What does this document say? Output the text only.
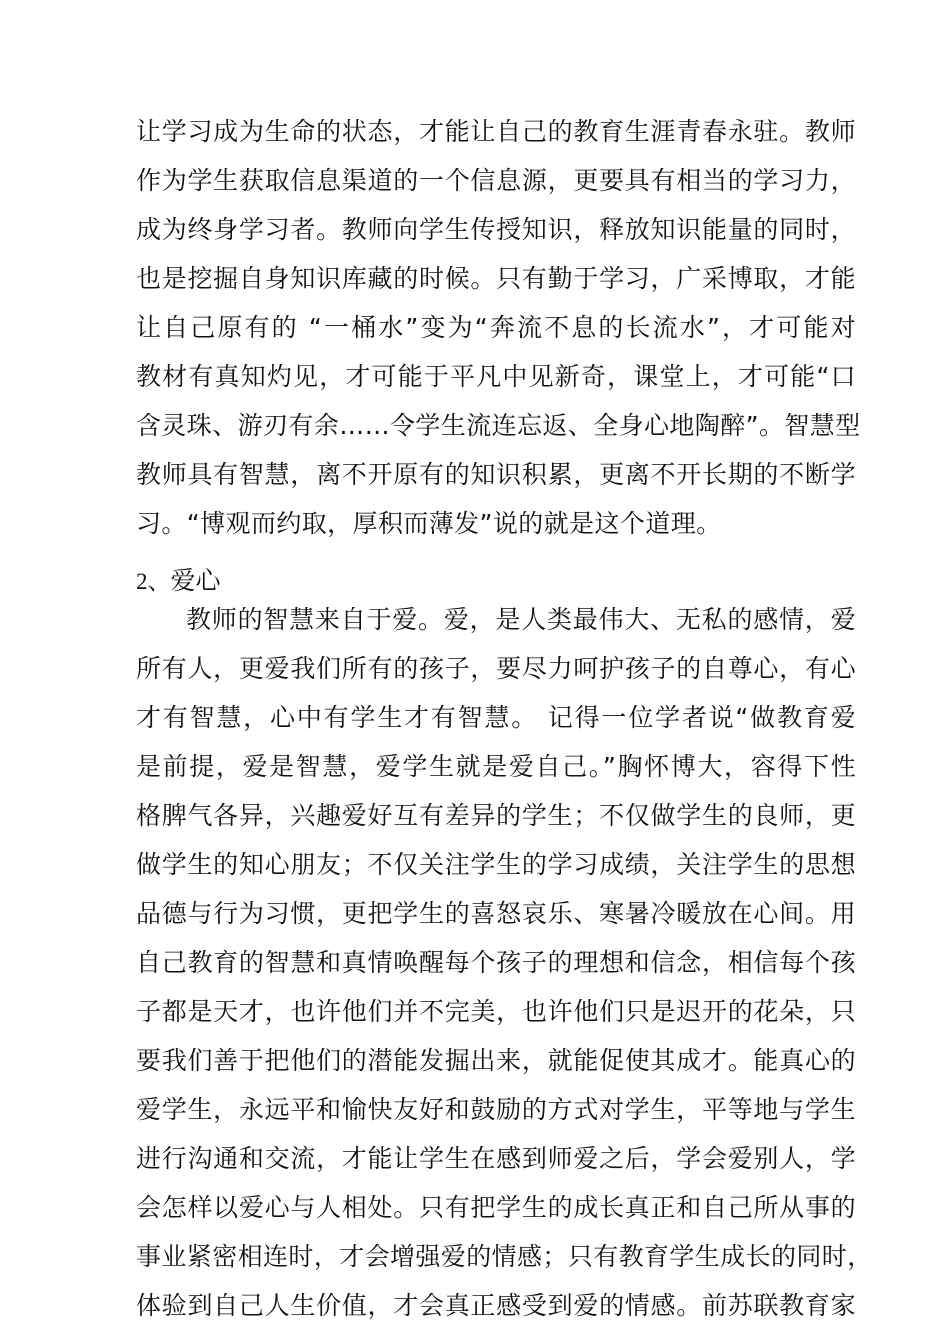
让学习成为生命的状态，才能让自己的教育生涯青春永驻。教师
作为学生获取信息渠道的一个信息源，更要具有相当的学习力，
成为终身学习者。教师向学生传授知识，释放知识能量的同时，
也是挖掘自身知识库藏的时候。只有勤于学习，广采博取，才能
让自己原有的 “一桶水”变为“奔流不息的长流水”，才可能对
教材有真知灼见，才可能于平凡中见新奇，课堂上，才可能“口
含灵珠、游刃有余……令学生流连忘返、全身心地陶醉”。智慧型
教师具有智慧，离不开原有的知识积累，更离不开长期的不断学
习。“博观而约取，厚积而薄发”说的就是这个道理。
2、爱心
教师的智慧来自于爱。爱，是人类最伟大、无私的感情，爱
所有人，更爱我们所有的孩子，要尽力呵护孩子的自尊心，有心
才有智慧，心中有学生才有智慧。 记得一位学者说“做教育爱
是前提，爱是智慧，爱学生就是爱自己。”胸怀博大，容得下性
格脾气各异，兴趣爱好互有差异的学生；不仅做学生的良师，更
做学生的知心朋友；不仅关注学生的学习成绩，关注学生的思想
品德与行为习惯，更把学生的喜怒哀乐、寒暑冷暖放在心间。用
自己教育的智慧和真情唤醒每个孩子的理想和信念，相信每个孩
子都是天才，也许他们并不完美，也许他们只是迟开的花朵，只
要我们善于把他们的潜能发掘出来，就能促使其成才。能真心的
爱学生，永远平和愉快友好和鼓励的方式对学生，平等地与学生
进行沟通和交流，才能让学生在感到师爱之后，学会爱别人，学
会怎样以爱心与人相处。只有把学生的成长真正和自己所从事的
事业紧密相连时，才会增强爱的情感；只有教育学生成长的同时，
体验到自己人生价值，才会真正感受到爱的情感。前苏联教育家
